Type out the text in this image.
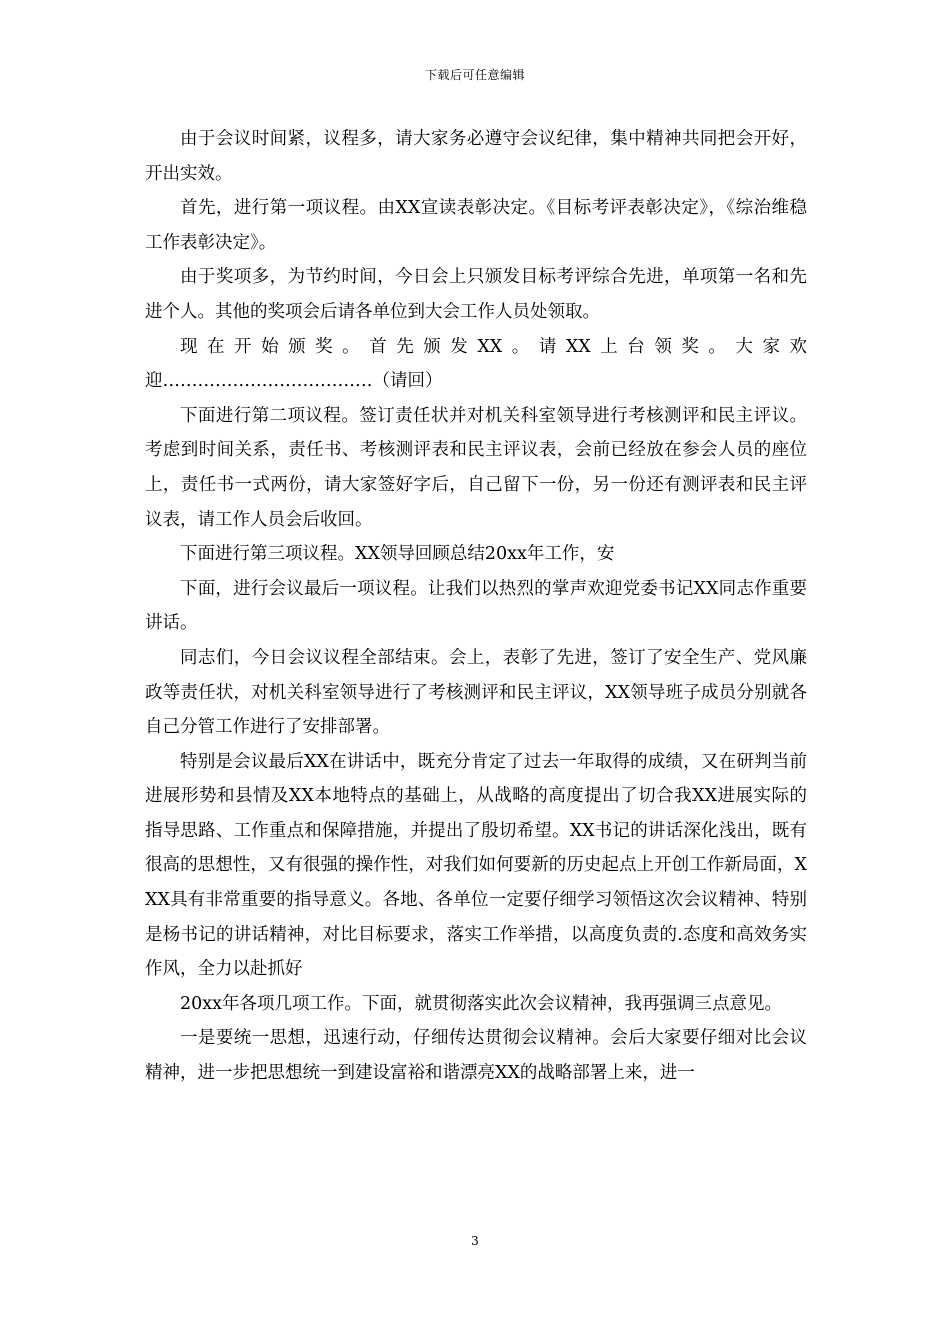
下载后可任意编辑

由于会议时间紧，议程多，请大家务必遵守会议纪律，集中精神共同把会开好，开出实效。

首先，进行第一项议程。由XX宣读表彰决定。《目标考评表彰决定》，《综治维稳工作表彰决定》。

由于奖项多，为节约时间，今日会上只颁发目标考评综合先进，单项第一名和先进个人。其他的奖项会后请各单位到大会工作人员处领取。

现在开始颁奖。首先颁发XX。请XX上台领奖。大家欢迎………………………………（请回）

下面进行第二项议程。签订责任状并对机关科室领导进行考核测评和民主评议。考虑到时间关系，责任书、考核测评表和民主评议表，会前已经放在参会人员的座位上，责任书一式两份，请大家签好字后，自己留下一份，另一份还有测评表和民主评议表，请工作人员会后收回。

下面进行第三项议程。XX领导回顾总结20xx年工作，安

下面，进行会议最后一项议程。让我们以热烈的掌声欢迎党委书记XX同志作重要讲话。

同志们，今日会议议程全部结束。会上，表彰了先进，签订了安全生产、党风廉政等责任状，对机关科室领导进行了考核测评和民主评议，XX领导班子成员分别就各自己分管工作进行了安排部署。

特别是会议最后XX在讲话中，既充分肯定了过去一年取得的成绩，又在研判当前进展形势和县情及XX本地特点的基础上，从战略的高度提出了切合我XX进展实际的指导思路、工作重点和保障措施，并提出了殷切希望。XX书记的讲话深化浅出，既有很高的思想性，又有很强的操作性，对我们如何要新的历史起点上开创工作新局面，XXX具有非常重要的指导意义。各地、各单位一定要仔细学习领悟这次会议精神、特别是杨书记的讲话精神，对比目标要求，落实工作举措，以高度负责的.态度和高效务实作风，全力以赴抓好

20xx年各项几项工作。下面，就贯彻落实此次会议精神，我再强调三点意见。

一是要统一思想，迅速行动，仔细传达贯彻会议精神。会后大家要仔细对比会议精神，进一步把思想统一到建设富裕和谐漂亮XX的战略部署上来，进一

3
